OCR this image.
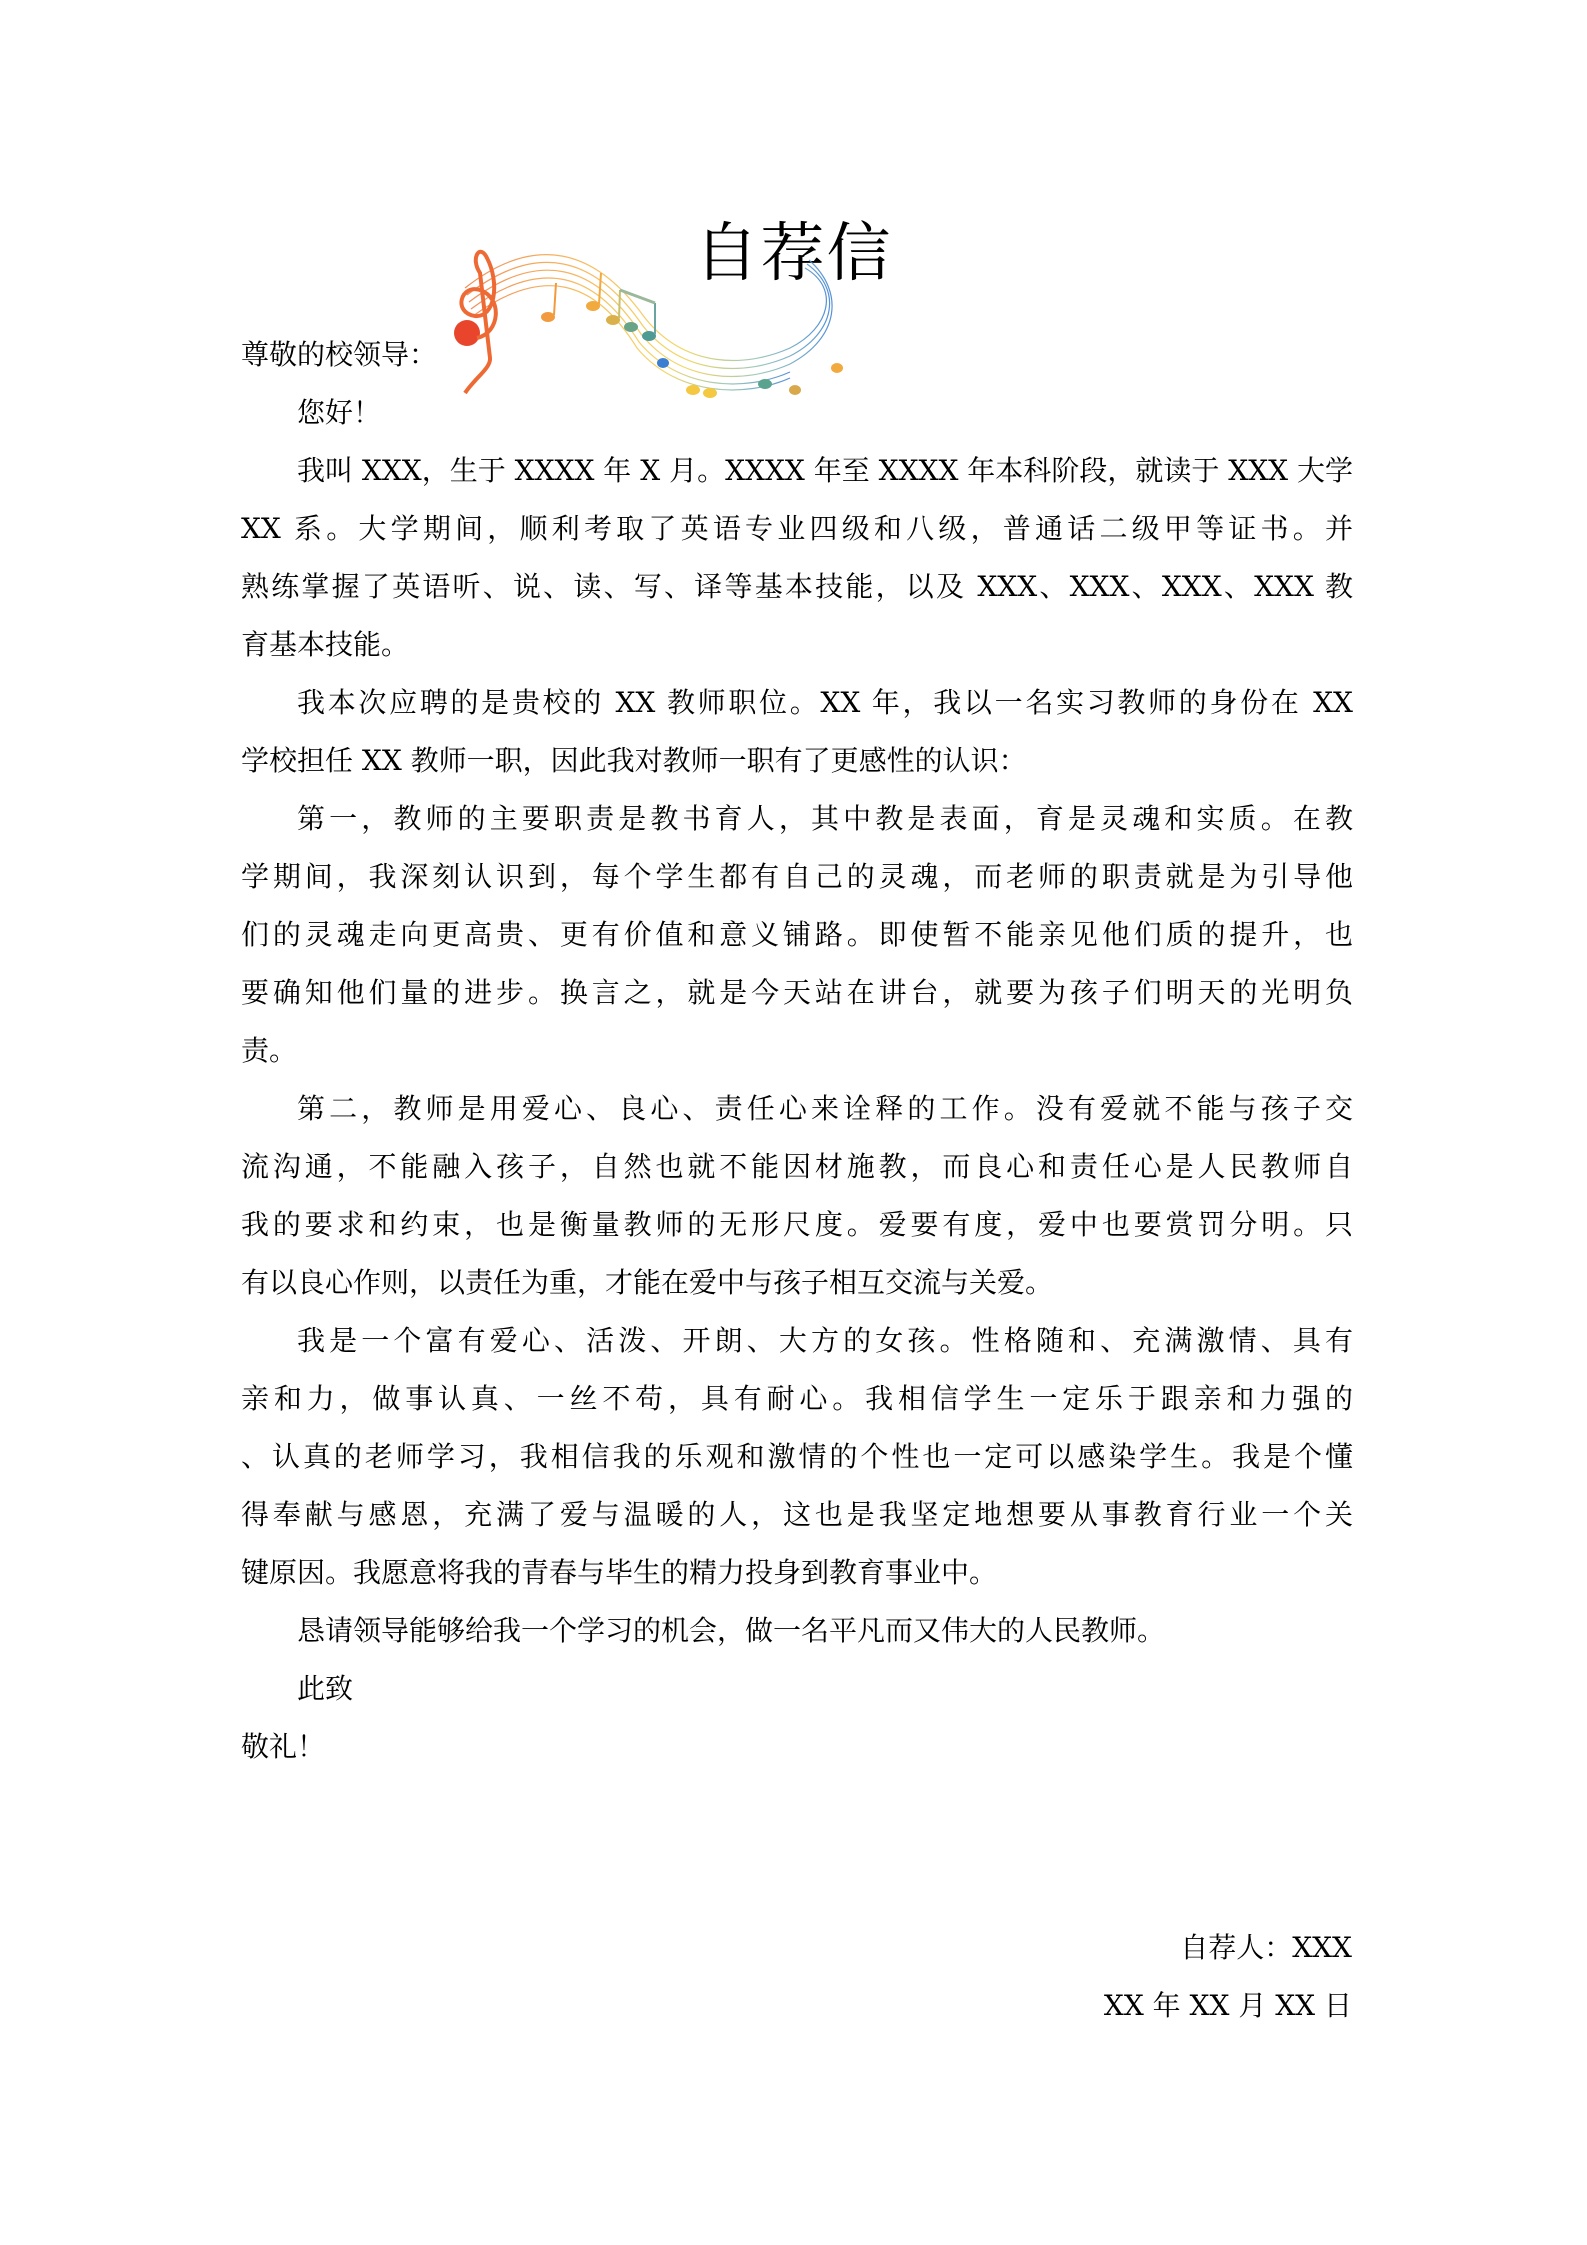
自荐信
尊敬的校领导：
您好！
我叫 XXX，生于 XXXX 年 X 月。XXXX 年至 XXXX 年本科阶段，就读于 XXX 大学
XX 系。大学期间，顺利考取了英语专业四级和八级，普通话二级甲等证书。并
熟练掌握了英语听、说、读、写、译等基本技能，以及 XXX、XXX、XXX、XXX 教
育基本技能。
我本次应聘的是贵校的 XX 教师职位。XX 年，我以一名实习教师的身份在 XX
学校担任 XX 教师一职，因此我对教师一职有了更感性的认识：
第一，教师的主要职责是教书育人，其中教是表面，育是灵魂和实质。在教
学期间，我深刻认识到，每个学生都有自己的灵魂，而老师的职责就是为引导他
们的灵魂走向更高贵、更有价值和意义铺路。即使暂不能亲见他们质的提升，也
要确知他们量的进步。换言之，就是今天站在讲台，就要为孩子们明天的光明负
责。
第二，教师是用爱心、良心、责任心来诠释的工作。没有爱就不能与孩子交
流沟通，不能融入孩子，自然也就不能因材施教，而良心和责任心是人民教师自
我的要求和约束，也是衡量教师的无形尺度。爱要有度，爱中也要赏罚分明。只
有以良心作则，以责任为重，才能在爱中与孩子相互交流与关爱。
我是一个富有爱心、活泼、开朗、大方的女孩。性格随和、充满激情、具有
亲和力，做事认真、一丝不苟，具有耐心。我相信学生一定乐于跟亲和力强的
、认真的老师学习，我相信我的乐观和激情的个性也一定可以感染学生。我是个懂
得奉献与感恩，充满了爱与温暖的人，这也是我坚定地想要从事教育行业一个关
键原因。我愿意将我的青春与毕生的精力投身到教育事业中。
恳请领导能够给我一个学习的机会，做一名平凡而又伟大的人民教师。
此致
敬礼！
自荐人：XXX
XX 年 XX 月 XX 日
